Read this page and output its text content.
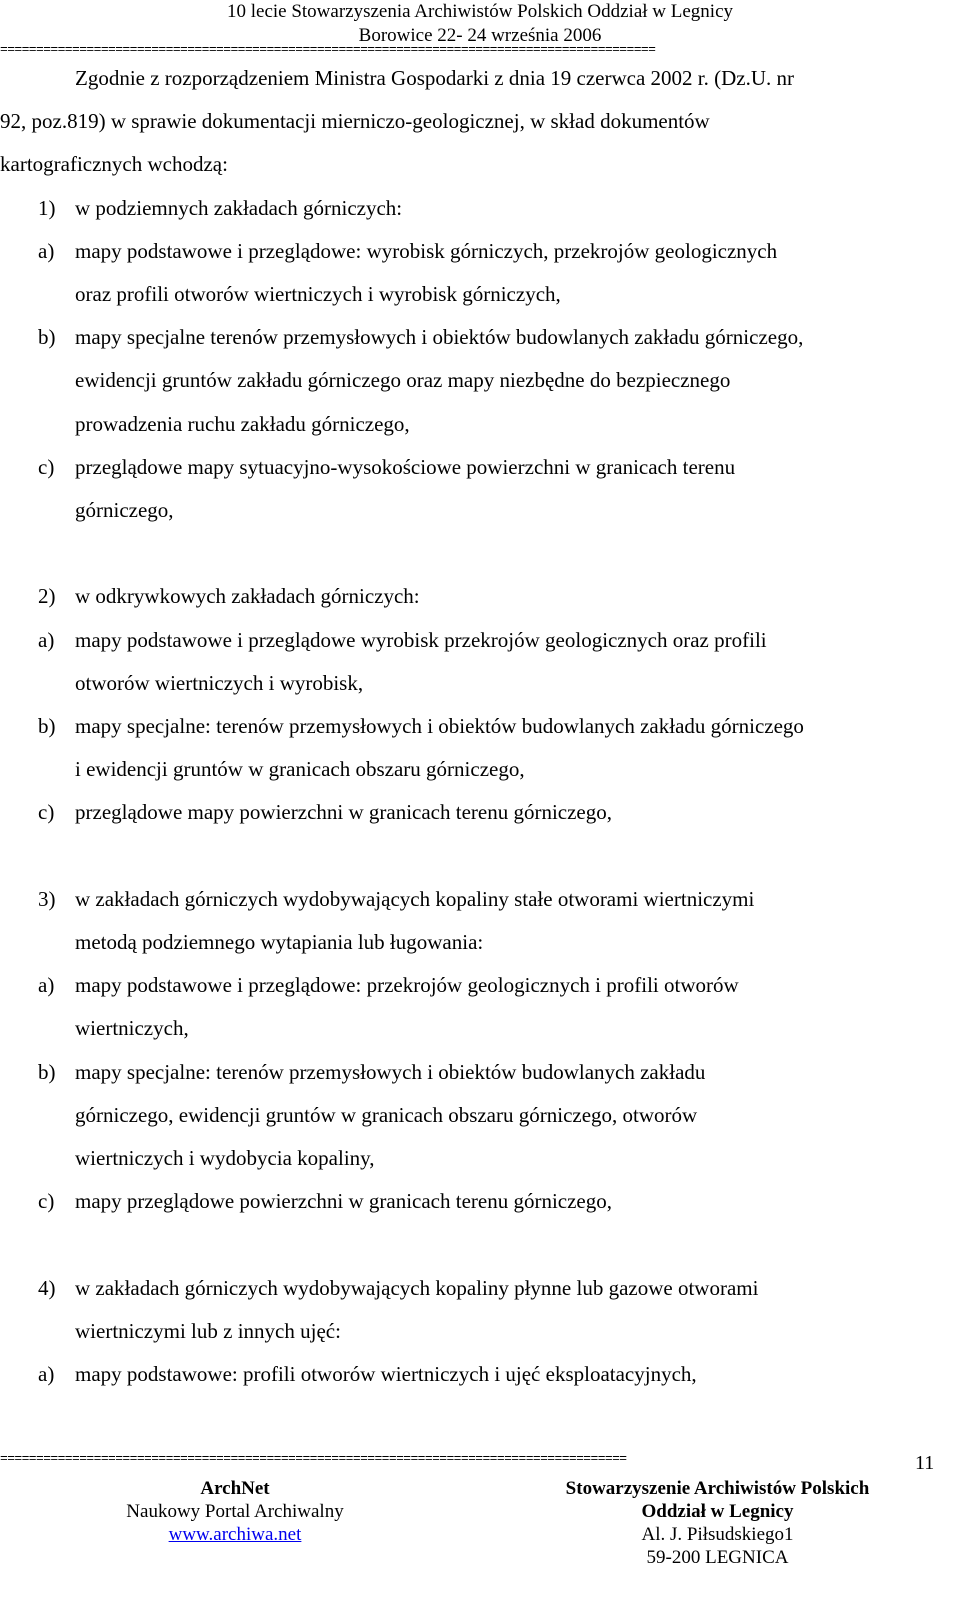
10 lecie Stowarzyszenia Archiwistów Polskich Oddział w Legnicy
Borowice 22- 24 września 2006
===========================================================================================
Zgodnie z rozporządzeniem Ministra Gospodarki z dnia 19 czerwca 2002 r. (Dz.U. nr
92, poz.819) w sprawie dokumentacji mierniczo-geologicznej, w skład dokumentów
kartograficznych wchodzą:
1) w podziemnych zakładach górniczych:
a) mapy podstawowe i przeglądowe: wyrobisk górniczych, przekrojów geologicznych
oraz profili otworów wiertniczych i wyrobisk górniczych,
b) mapy specjalne terenów przemysłowych i obiektów budowlanych zakładu górniczego,
ewidencji gruntów zakładu górniczego oraz mapy niezbędne do bezpiecznego
prowadzenia ruchu zakładu górniczego,
c) przeglądowe mapy sytuacyjno-wysokościowe powierzchni w granicach terenu
górniczego,
2) w odkrywkowych zakładach górniczych:
a) mapy podstawowe i przeglądowe wyrobisk przekrojów geologicznych oraz profili
otworów wiertniczych i wyrobisk,
b) mapy specjalne: terenów przemysłowych i obiektów budowlanych zakładu górniczego
i ewidencji gruntów w granicach obszaru górniczego,
c) przeglądowe mapy powierzchni w granicach terenu górniczego,
3) w zakładach górniczych wydobywających kopaliny stałe otworami wiertniczymi
metodą podziemnego wytapiania lub ługowania:
a) mapy podstawowe i przeglądowe: przekrojów geologicznych i profili otworów
wiertniczych,
b) mapy specjalne: terenów przemysłowych i obiektów budowlanych zakładu
górniczego, ewidencji gruntów w granicach obszaru górniczego, otworów
wiertniczych i wydobycia kopaliny,
c) mapy przeglądowe powierzchni w granicach terenu górniczego,
4) w zakładach górniczych wydobywających kopaliny płynne lub gazowe otworami
wiertniczymi lub z innych ujęć:
a) mapy podstawowe: profili otworów wiertniczych i ujęć eksploatacyjnych,
11
=======================================================================================
ArchNet
Naukowy Portal Archiwalny
www.archiwa.net
Stowarzyszenie Archiwistów Polskich
Oddział w Legnicy
Al. J. Piłsudskiego1
59-200 LEGNICA
